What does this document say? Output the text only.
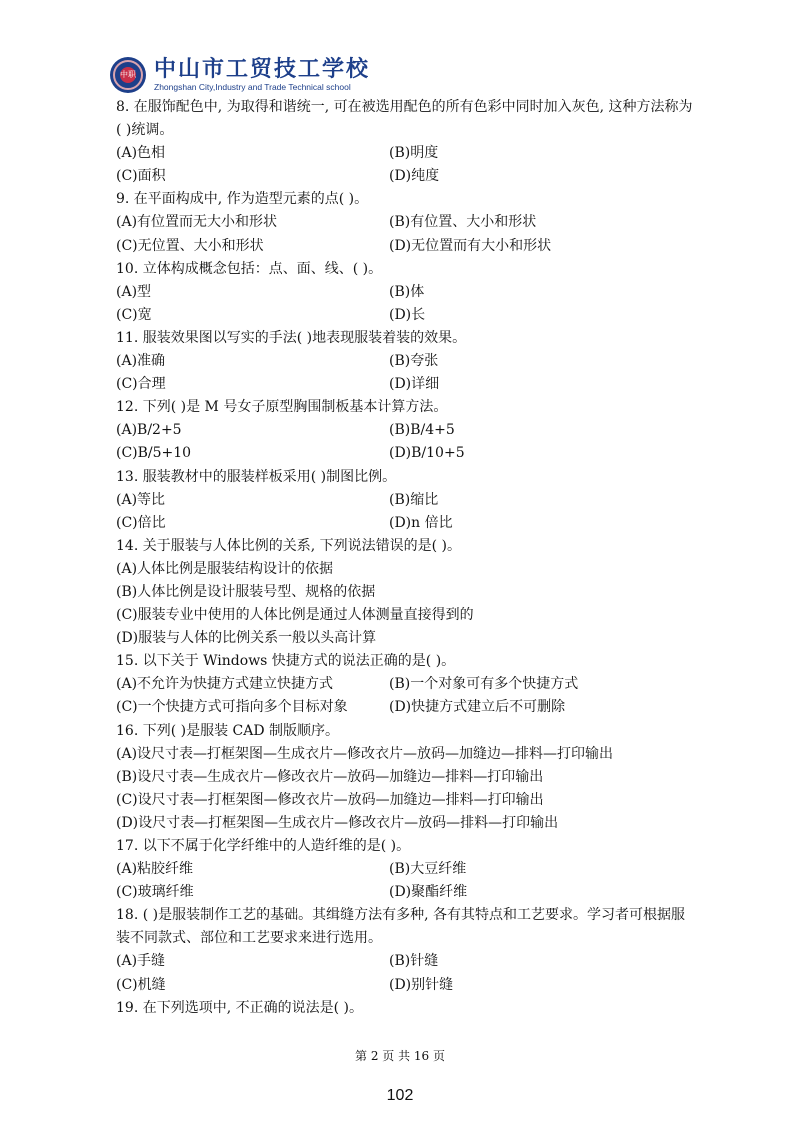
中职 中山市工贸技工学校
Zhongshan City,Industry and Trade Technical school
8. 在服饰配色中, 为取得和谐统一, 可在被选用配色的所有色彩中同时加入灰色, 这种方法称为
( )统调。
(A)色相	(B)明度
(C)面积	(D)纯度
9. 在平面构成中, 作为造型元素的点( )。
(A)有位置而无大小和形状	(B)有位置、大小和形状
(C)无位置、大小和形状	(D)无位置而有大小和形状
10. 立体构成概念包括：点、面、线、( )。
(A)型	(B)体
(C)宽	(D)长
11. 服装效果图以写实的手法( )地表现服装着装的效果。
(A)准确	(B)夸张
(C)合理	(D)详细
12. 下列( )是 M 号女子原型胸围制板基本计算方法。
(A)B/2+5	(B)B/4+5
(C)B/5+10	(D)B/10+5
13. 服装教材中的服装样板采用( )制图比例。
(A)等比	(B)缩比
(C)倍比	(D)n 倍比
14. 关于服装与人体比例的关系, 下列说法错误的是( )。
(A)人体比例是服装结构设计的依据
(B)人体比例是设计服装号型、规格的依据
(C)服装专业中使用的人体比例是通过人体测量直接得到的
(D)服装与人体的比例关系一般以头高计算
15. 以下关于 Windows 快捷方式的说法正确的是( )。
(A)不允许为快捷方式建立快捷方式	(B)一个对象可有多个快捷方式
(C)一个快捷方式可指向多个目标对象	(D)快捷方式建立后不可删除
16. 下列( )是服装 CAD 制版顺序。
(A)设尺寸表—打框架图—生成衣片—修改衣片—放码—加缝边—排料—打印输出
(B)设尺寸表—生成衣片—修改衣片—放码—加缝边—排料—打印输出
(C)设尺寸表—打框架图—修改衣片—放码—加缝边—排料—打印输出
(D)设尺寸表—打框架图—生成衣片—修改衣片—放码—排料—打印输出
17. 以下不属于化学纤维中的人造纤维的是( )。
(A)粘胶纤维	(B)大豆纤维
(C)玻璃纤维	(D)聚酯纤维
18. ( )是服装制作工艺的基础。其缉缝方法有多种, 各有其特点和工艺要求。学习者可根据服
装不同款式、部位和工艺要求来进行选用。
(A)手缝	(B)针缝
(C)机缝	(D)别针缝
19. 在下列选项中, 不正确的说法是( )。
第 2 页 共 16 页
102
